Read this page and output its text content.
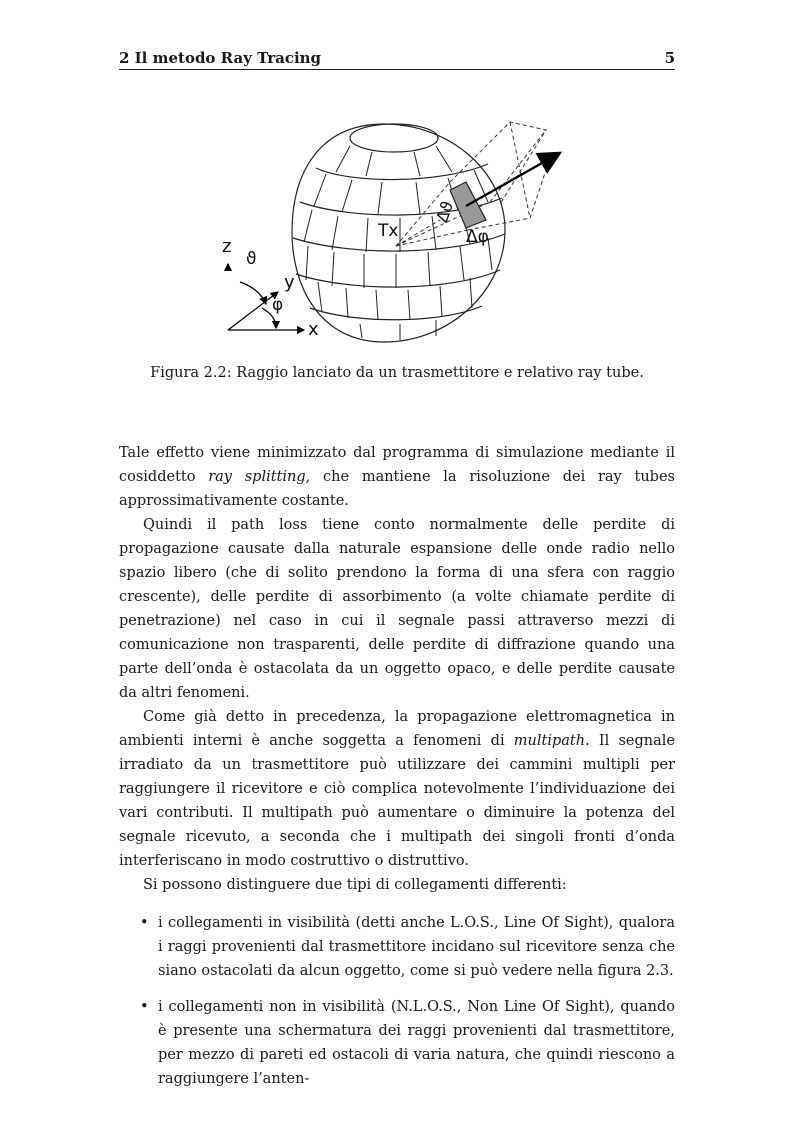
2 Il metodo Ray Tracing	5
Tx
Δϑ
Δφ
z
y
x
ϑ
φ
Figura 2.2: Raggio lanciato da un trasmettitore e relativo ray tube.

Tale effetto viene minimizzato dal programma di simulazione mediante il cosiddetto ray splitting, che mantiene la risoluzione dei ray tubes approssimativamente costante.

Quindi il path loss tiene conto normalmente delle perdite di propagazione causate dalla naturale espansione delle onde radio nello spazio libero (che di solito prendono la forma di una sfera con raggio crescente), delle perdite di assorbimento (a volte chiamate perdite di penetrazione) nel caso in cui il segnale passi attraverso mezzi di comunicazione non trasparenti, delle perdite di diffrazione quando una parte dell’onda è ostacolata da un oggetto opaco, e delle perdite causate da altri fenomeni.

Come già detto in precedenza, la propagazione elettromagnetica in ambienti interni è anche soggetta a fenomeni di multipath. Il segnale irradiato da un trasmettitore può utilizzare dei cammini multipli per raggiungere il ricevitore e ciò complica notevolmente l’individuazione dei vari contributi. Il multipath può aumentare o diminuire la potenza del segnale ricevuto, a seconda che i multipath dei singoli fronti d’onda interferiscano in modo costruttivo o distruttivo.

Si possono distinguere due tipi di collegamenti differenti:

• i collegamenti in visibilità (detti anche L.O.S., Line Of Sight), qualora i raggi provenienti dal trasmettitore incidano sul ricevitore senza che siano ostacolati da alcun oggetto, come si può vedere nella figura 2.3.
• i collegamenti non in visibilità (N.L.O.S., Non Line Of Sight), quando è presente una schermatura dei raggi provenienti dal trasmettitore, per mezzo di pareti ed ostacoli di varia natura, che quindi riescono a raggiungere l’anten-
